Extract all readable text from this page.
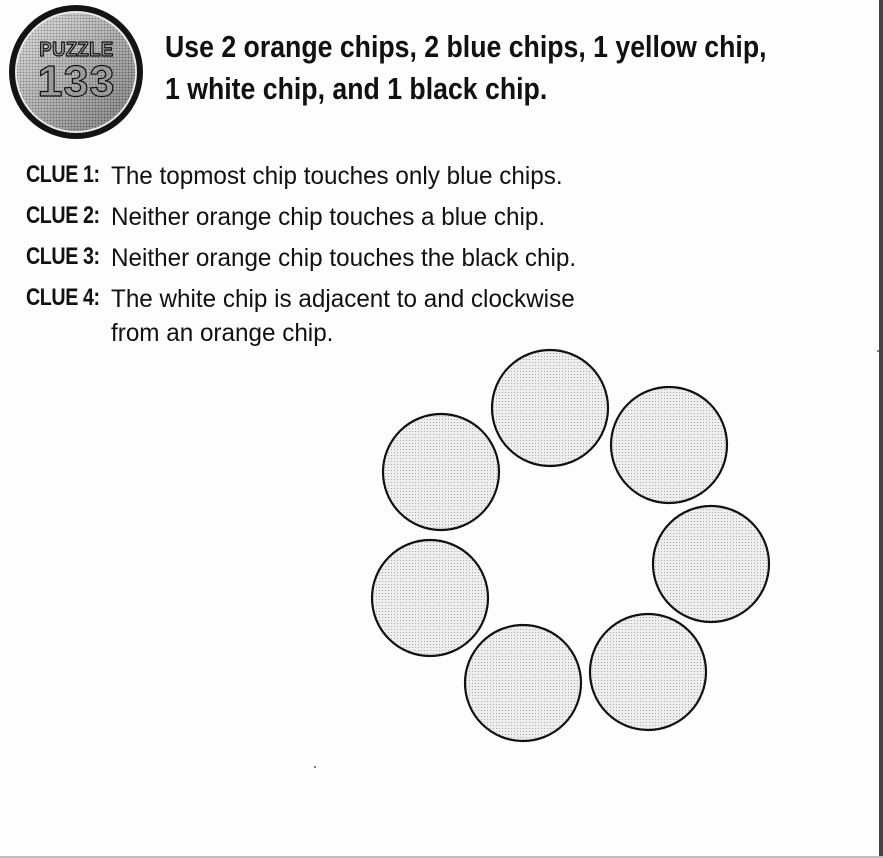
PUZZLE
133
Use 2 orange chips, 2 blue chips, 1 yellow chip,
1 white chip, and 1 black chip.
CLUE 1: The topmost chip touches only blue chips.
CLUE 2: Neither orange chip touches a blue chip.
CLUE 3: Neither orange chip touches the black chip.
CLUE 4: The white chip is adjacent to and clockwise
from an orange chip.
